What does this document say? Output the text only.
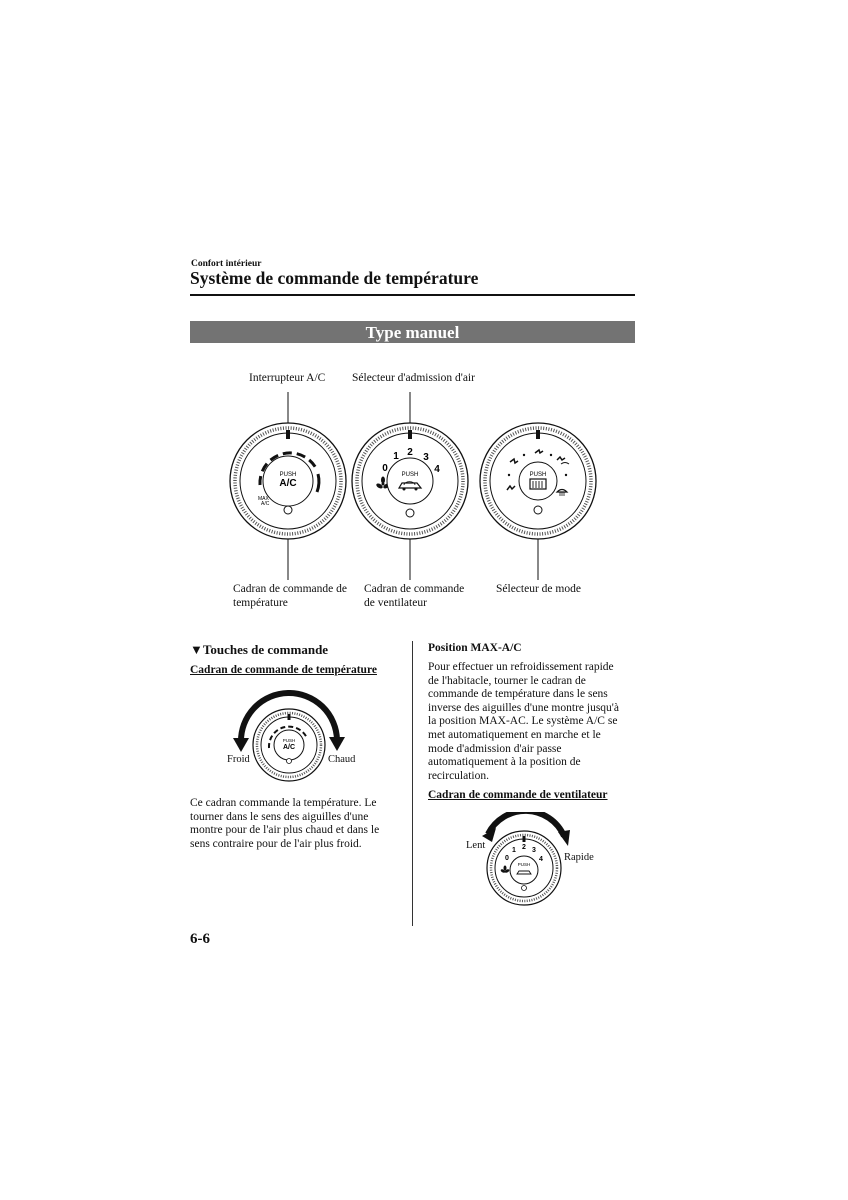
Confort intérieur
Système de commande de température
Type manuel
Interrupteur A/C Sélecteur d'admission d'air
Cadran de commande de
température
Cadran de commande
de ventilateur
Sélecteur de mode
PUSH
A/C
MAX
A/C
0
1 2 3
4
PUSH	PUSH
▼Touches de commande
Cadran de commande de température
PUSH
A/C
Froid	Chaud
Ce cadran commande la température. Le
tourner dans le sens des aiguilles d'une
montre pour de l'air plus chaud et dans le
sens contraire pour de l'air plus froid.
Position MAX-A/C
Pour effectuer un refroidissement rapide
de l'habitacle, tourner le cadran de
commande de température dans le sens
inverse des aiguilles d'une montre jusqu'à
la position MAX-AC. Le système A/C se
met automatiquement en marche et le
mode d'admission d'air passe
automatiquement à la position de
recirculation.
Cadran de commande de ventilateur
0
1 2 3
4
PUSH
Lent
Rapide
6-6
